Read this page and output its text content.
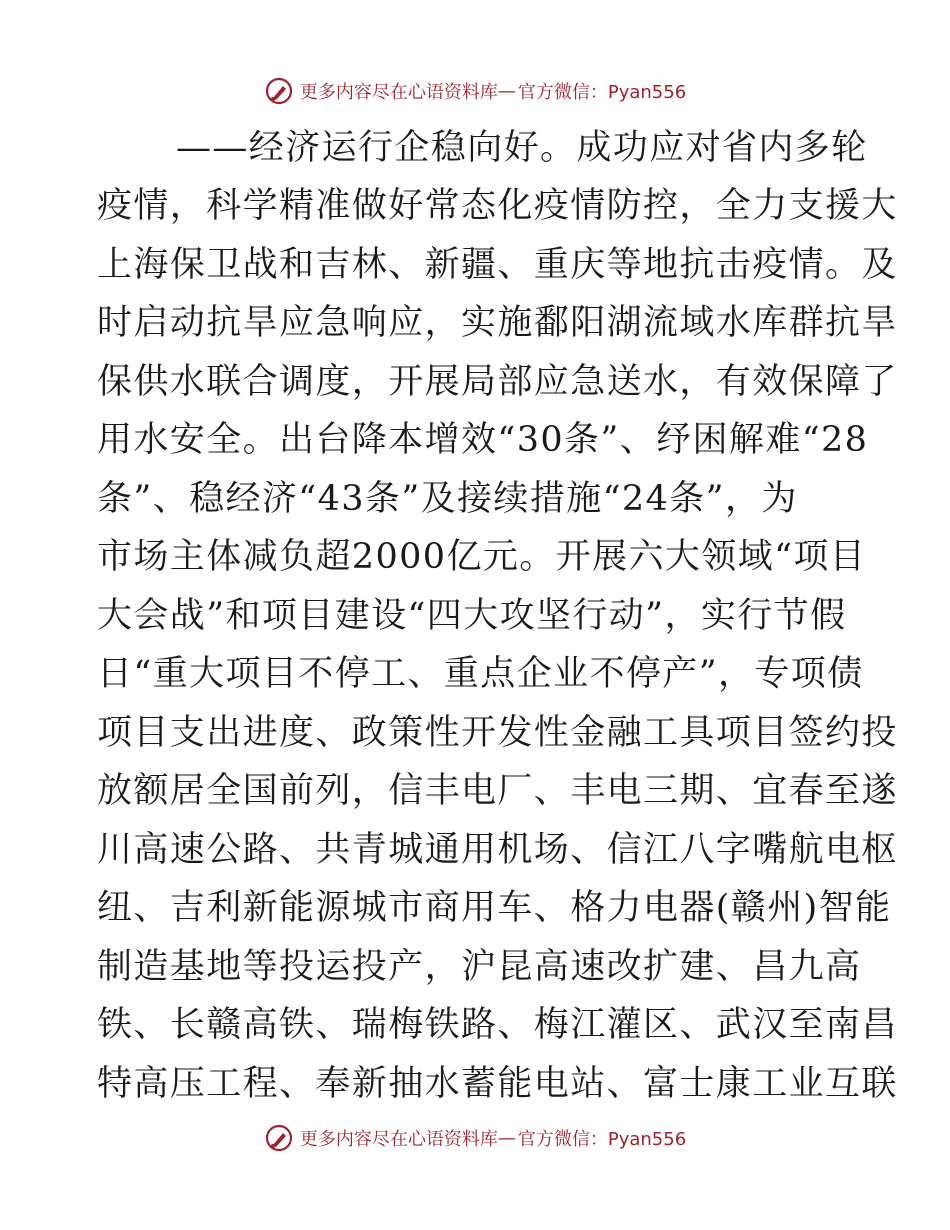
更多内容尽在心语资料库 — 官方微信：Pyan556
——经济运行企稳向好。成功应对省内多轮
疫情，科学精准做好常态化疫情防控，全力支援大
上海保卫战和吉林、新疆、重庆等地抗击疫情。及
时启动抗旱应急响应，实施鄱阳湖流域水库群抗旱
保供水联合调度，开展局部应急送水，有效保障了
用水安全。出台降本增效“30条”、纾困解难“28
条”、稳经济“43条”及接续措施“24条”，为
市场主体减负超2000亿元。开展六大领域“项目
大会战”和项目建设“四大攻坚行动”，实行节假
日“重大项目不停工、重点企业不停产”，专项债
项目支出进度、政策性开发性金融工具项目签约投
放额居全国前列，信丰电厂、丰电三期、宜春至遂
川高速公路、共青城通用机场、信江八字嘴航电枢
纽、吉利新能源城市商用车、格力电器(赣州)智能
制造基地等投运投产，沪昆高速改扩建、昌九高
铁、长赣高铁、瑞梅铁路、梅江灌区、武汉至南昌
特高压工程、奉新抽水蓄能电站、富士康工业互联
更多内容尽在心语资料库 — 官方微信：Pyan556
